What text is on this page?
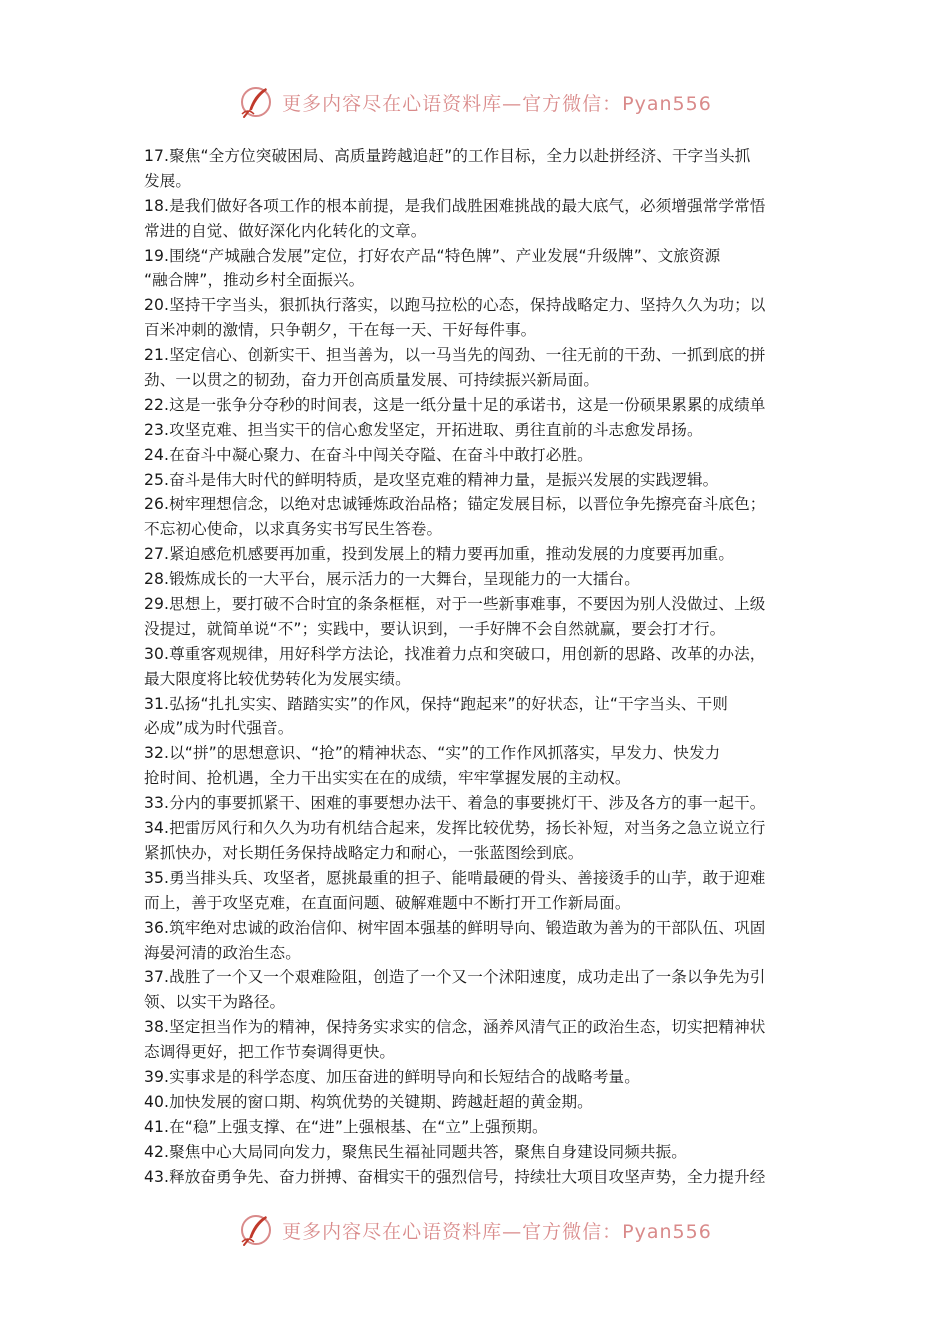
更多内容尽在心语资料库—官方微信：Pyan556
17.聚焦“全方位突破困局、高质量跨越追赶”的工作目标，全力以赴拼经济、干字当头抓
发展。
18.是我们做好各项工作的根本前提，是我们战胜困难挑战的最大底气，必须增强常学常悟
常进的自觉、做好深化内化转化的文章。
19.围绕“产城融合发展”定位，打好农产品“特色牌”、产业发展“升级牌”、文旅资源
“融合牌”，推动乡村全面振兴。
20.坚持干字当头，狠抓执行落实，以跑马拉松的心态，保持战略定力、坚持久久为功；以
百米冲刺的激情，只争朝夕，干在每一天、干好每件事。
21.坚定信心、创新实干、担当善为，以一马当先的闯劲、一往无前的干劲、一抓到底的拼
劲、一以贯之的韧劲，奋力开创高质量发展、可持续振兴新局面。
22.这是一张争分夺秒的时间表，这是一纸分量十足的承诺书，这是一份硕果累累的成绩单
23.攻坚克难、担当实干的信心愈发坚定，开拓进取、勇往直前的斗志愈发昂扬。
24.在奋斗中凝心聚力、在奋斗中闯关夺隘、在奋斗中敢打必胜。
25.奋斗是伟大时代的鲜明特质，是攻坚克难的精神力量，是振兴发展的实践逻辑。
26.树牢理想信念，以绝对忠诚锤炼政治品格；锚定发展目标，以晋位争先擦亮奋斗底色；
不忘初心使命，以求真务实书写民生答卷。
27.紧迫感危机感要再加重，投到发展上的精力要再加重，推动发展的力度要再加重。
28.锻炼成长的一大平台，展示活力的一大舞台，呈现能力的一大擂台。
29.思想上，要打破不合时宜的条条框框，对于一些新事难事，不要因为别人没做过、上级
没提过，就简单说“不”；实践中，要认识到，一手好牌不会自然就赢，要会打才行。
30.尊重客观规律，用好科学方法论，找准着力点和突破口，用创新的思路、改革的办法，
最大限度将比较优势转化为发展实绩。
31.弘扬“扎扎实实、踏踏实实”的作风，保持“跑起来”的好状态，让“干字当头、干则
必成”成为时代强音。
32.以“拼”的思想意识、“抢”的精神状态、“实”的工作作风抓落实，早发力、快发力
抢时间、抢机遇，全力干出实实在在的成绩，牢牢掌握发展的主动权。
33.分内的事要抓紧干、困难的事要想办法干、着急的事要挑灯干、涉及各方的事一起干。
34.把雷厉风行和久久为功有机结合起来，发挥比较优势，扬长补短，对当务之急立说立行
紧抓快办，对长期任务保持战略定力和耐心，一张蓝图绘到底。
35.勇当排头兵、攻坚者，愿挑最重的担子、能啃最硬的骨头、善接烫手的山芋，敢于迎难
而上，善于攻坚克难，在直面问题、破解难题中不断打开工作新局面。
36.筑牢绝对忠诚的政治信仰、树牢固本强基的鲜明导向、锻造敢为善为的干部队伍、巩固
海晏河清的政治生态。
37.战胜了一个又一个艰难险阻，创造了一个又一个沭阳速度，成功走出了一条以争先为引
领、以实干为路径。
38.坚定担当作为的精神，保持务实求实的信念，涵养风清气正的政治生态，切实把精神状
态调得更好，把工作节奏调得更快。
39.实事求是的科学态度、加压奋进的鲜明导向和长短结合的战略考量。
40.加快发展的窗口期、构筑优势的关键期、跨越赶超的黄金期。
41.在“稳”上强支撑、在“进”上强根基、在“立”上强预期。
42.聚焦中心大局同向发力，聚焦民生福祉同题共答，聚焦自身建设同频共振。
43.释放奋勇争先、奋力拼搏、奋楫实干的强烈信号，持续壮大项目攻坚声势，全力提升经
更多内容尽在心语资料库—官方微信：Pyan556
